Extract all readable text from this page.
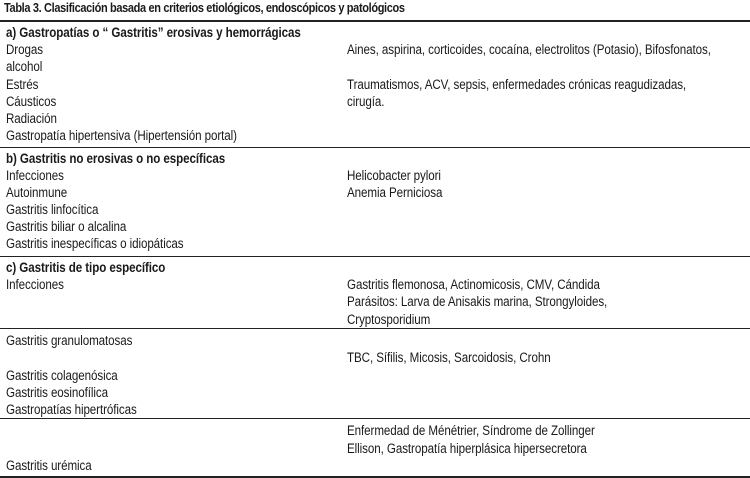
Tabla 3. Clasificación basada en criterios etiológicos, endoscópicos y patológicos
a) Gastropatías o “ Gastritis” erosivas y hemorrágicas
Drogas
alcohol
Estrés
Cáusticos
Radiación
Gastropatía hipertensiva (Hipertensión portal)
Aines, aspirina, corticoides, cocaína, electrolitos (Potasio), Bifosfonatos,
Traumatismos, ACV, sepsis, enfermedades crónicas reagudizadas,
cirugía.
b) Gastritis no erosivas o no específicas
Infecciones
Autoinmune
Gastritis linfocítica
Gastritis biliar o alcalina
Gastritis inespecíficas o idiopáticas
Helicobacter pylori
Anemia Perniciosa
c) Gastritis de tipo específico
Infecciones	Gastritis flemonosa, Actinomicosis, CMV, Cándida
Parásitos: Larva de Anisakis marina, Strongyloides,
Cryptosporidium
Gastritis granulomatosas
TBC, Sífilis, Micosis, Sarcoidosis, Crohn
Gastritis colagenósica
Gastritis eosinofílica
Gastropatías hipertróficas
Enfermedad de Ménétrier, Síndrome de Zollinger
Ellison, Gastropatía hiperplásica hipersecretora
Gastritis urémica
